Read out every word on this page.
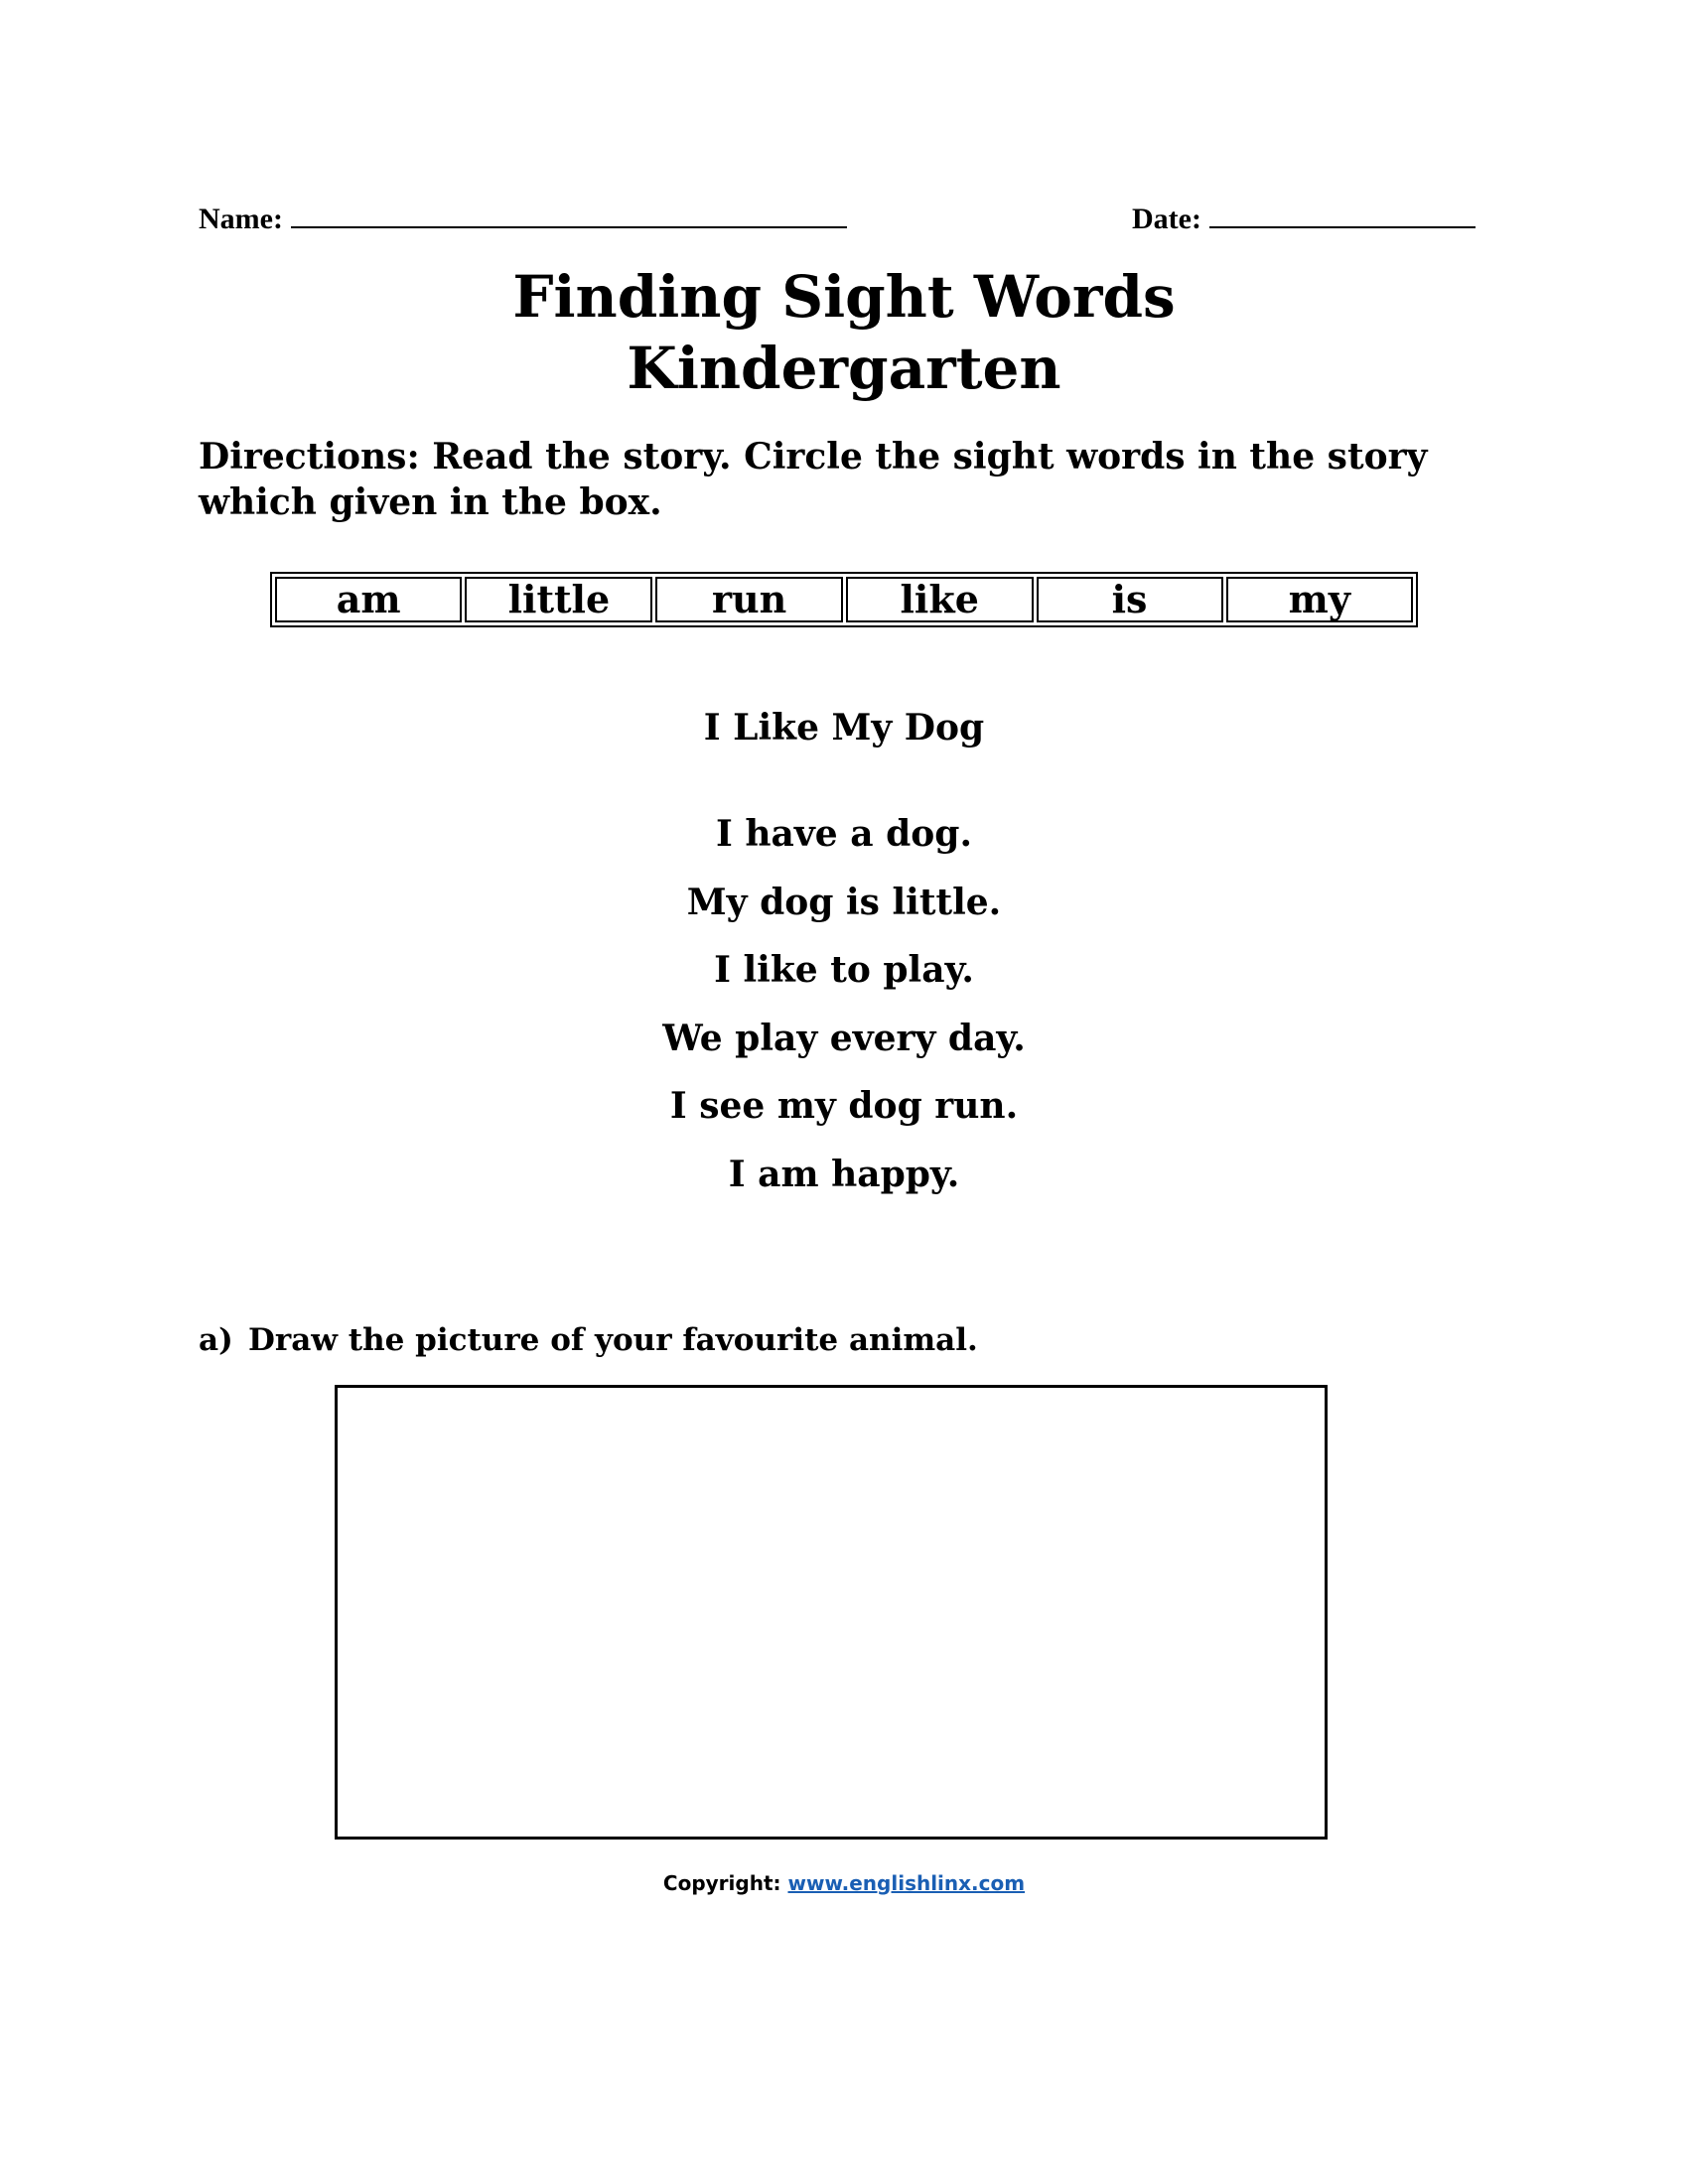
Name:	Date:
Finding Sight Words
Kindergarten
Directions: Read the story. Circle the sight words in the story which given in the box.
am	little	run	like	is	my
I Like My Dog
I have a dog.
My dog is little.
I like to play.
We play every day.
I see my dog run.
I am happy.
a) Draw the picture of your favourite animal.
Copyright: www.englishlinx.com
